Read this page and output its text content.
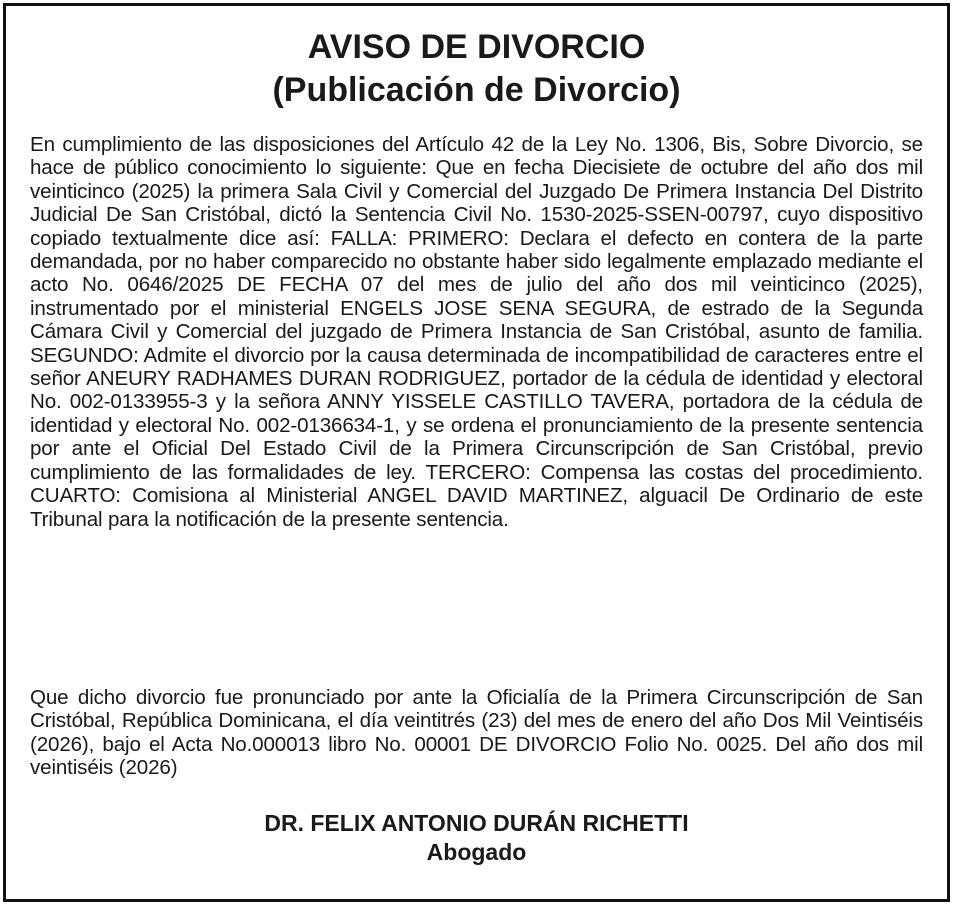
AVISO DE DIVORCIO
(Publicación de Divorcio)

En cumplimiento de las disposiciones del Artículo 42 de la Ley No. 1306, Bis, Sobre Divorcio, se hace de público conocimiento lo siguiente: Que en fecha Diecisiete de octubre del año dos mil veinticinco (2025) la primera Sala Civil y Comercial del Juzgado De Primera Instancia Del Distrito Judicial De San Cristóbal, dictó la Sentencia Civil No. 1530-2025-SSEN-00797, cuyo dispositivo copiado textualmente dice así: FALLA: PRIMERO: Declara el defecto en contera de la parte demandada, por no haber comparecido no obstante haber sido legalmente emplazado mediante el acto No. 0646/2025 DE FECHA 07 del mes de julio del año dos mil veinticinco (2025), instrumentado por el ministerial ENGELS JOSE SENA SEGURA, de estrado de la Segunda Cámara Civil y Comercial del juzgado de Primera Instancia de San Cristóbal, asunto de familia. SEGUNDO: Admite el divorcio por la causa determinada de incompatibilidad de caracteres entre el señor ANEURY RADHAMES DURAN RODRIGUEZ, portador de la cédula de identidad y electoral No. 002-0133955-3 y la señora ANNY YISSELE CASTILLO TAVERA, portadora de la cédula de identidad y electoral No. 002-0136634-1, y se ordena el pronunciamiento de la presente sentencia por ante el Oficial Del Estado Civil de la Primera Circunscripción de San Cristóbal, previo cumplimiento de las formalidades de ley. TERCERO: Compensa las costas del procedimiento. CUARTO: Comisiona al Ministerial ANGEL DAVID MARTINEZ, alguacil De Ordinario de este Tribunal para la notificación de la presente sentencia.

Que dicho divorcio fue pronunciado por ante la Oficialía de la Primera Circunscripción de San Cristóbal, República Dominicana, el día veintitrés (23) del mes de enero del año Dos Mil Veintiséis (2026), bajo el Acta No.000013 libro No. 00001 DE DIVORCIO Folio No. 0025. Del año dos mil veintiséis (2026)

DR. FELIX ANTONIO DURÁN RICHETTI
Abogado
